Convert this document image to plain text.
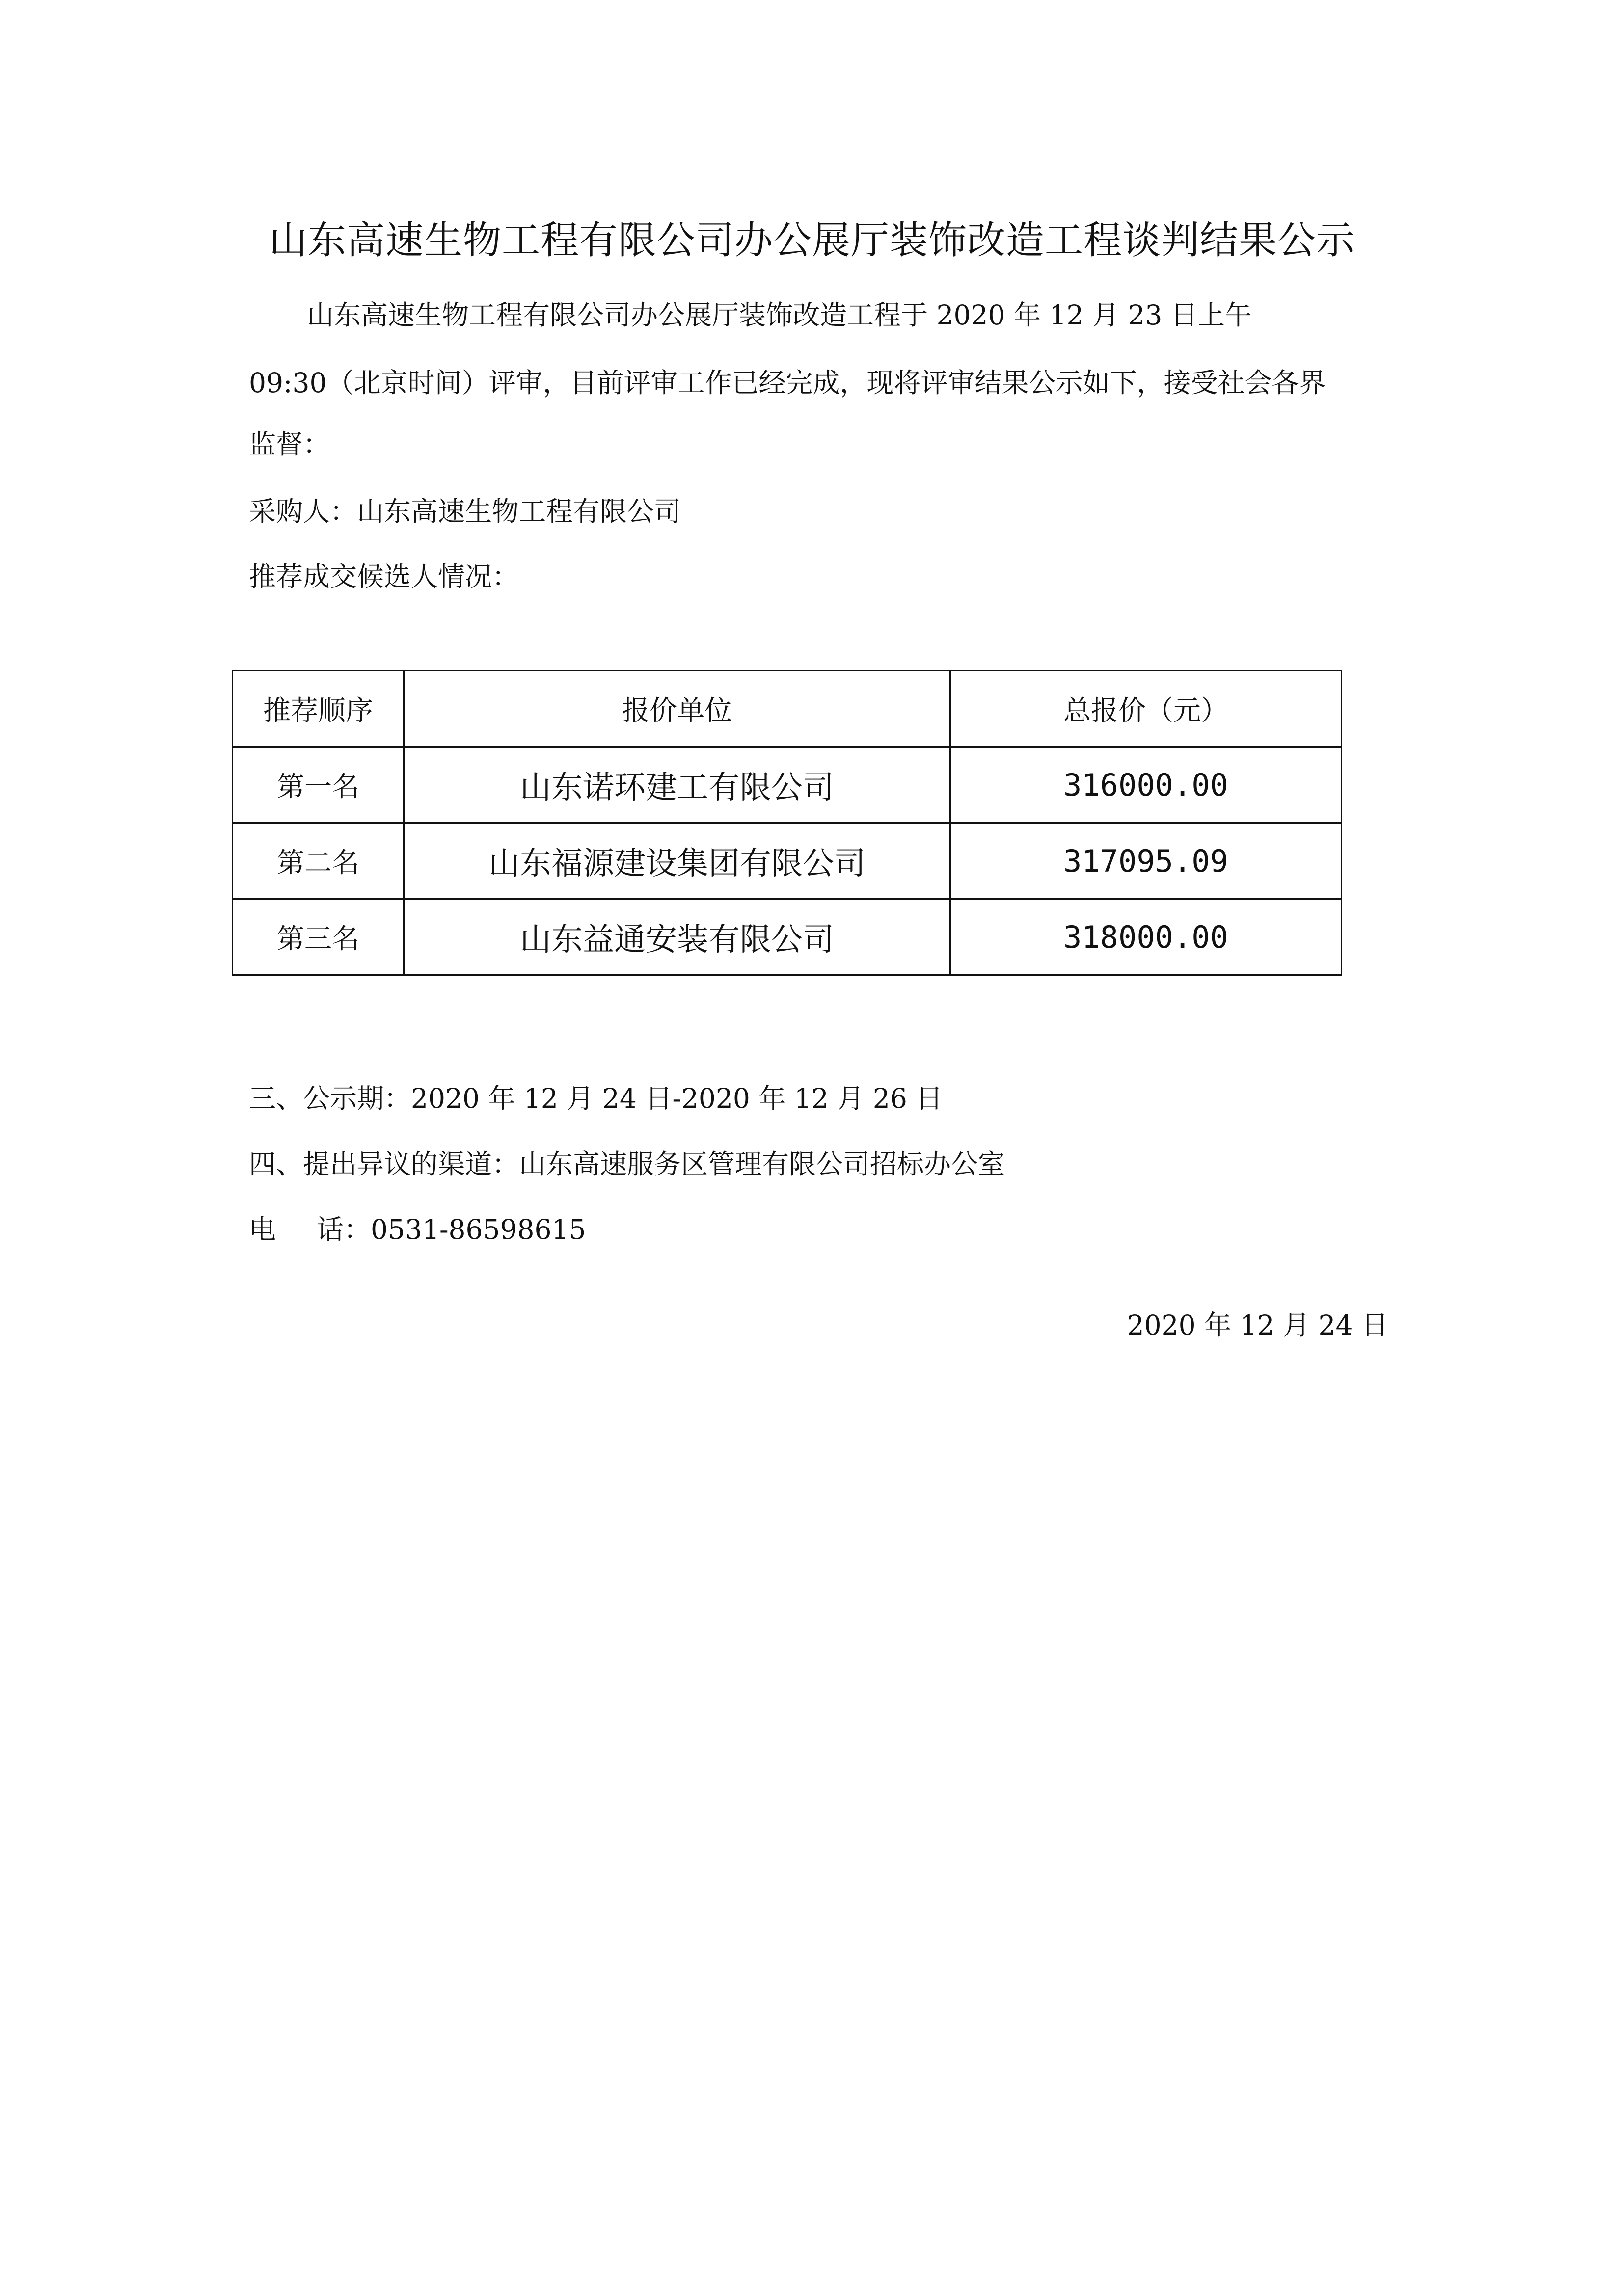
山东高速生物工程有限公司办公展厅装饰改造工程谈判结果公示

山东高速生物工程有限公司办公展厅装饰改造工程于 2020 年 12 月 23 日上午

09:30（北京时间）评审，目前评审工作已经完成，现将评审结果公示如下，接受社会各界

监督：

采购人：山东高速生物工程有限公司

推荐成交候选人情况：

推荐顺序	报价单位	总报价（元）
第一名	山东诺环建工有限公司	316000.00
第二名	山东福源建设集团有限公司	317095.09
第三名	山东益通安装有限公司	318000.00

三、公示期：2020 年 12 月 24 日-2020 年 12 月 26 日

四、提出异议的渠道：山东高速服务区管理有限公司招标办公室

电 话：0531-86598615

2020 年 12 月 24 日
